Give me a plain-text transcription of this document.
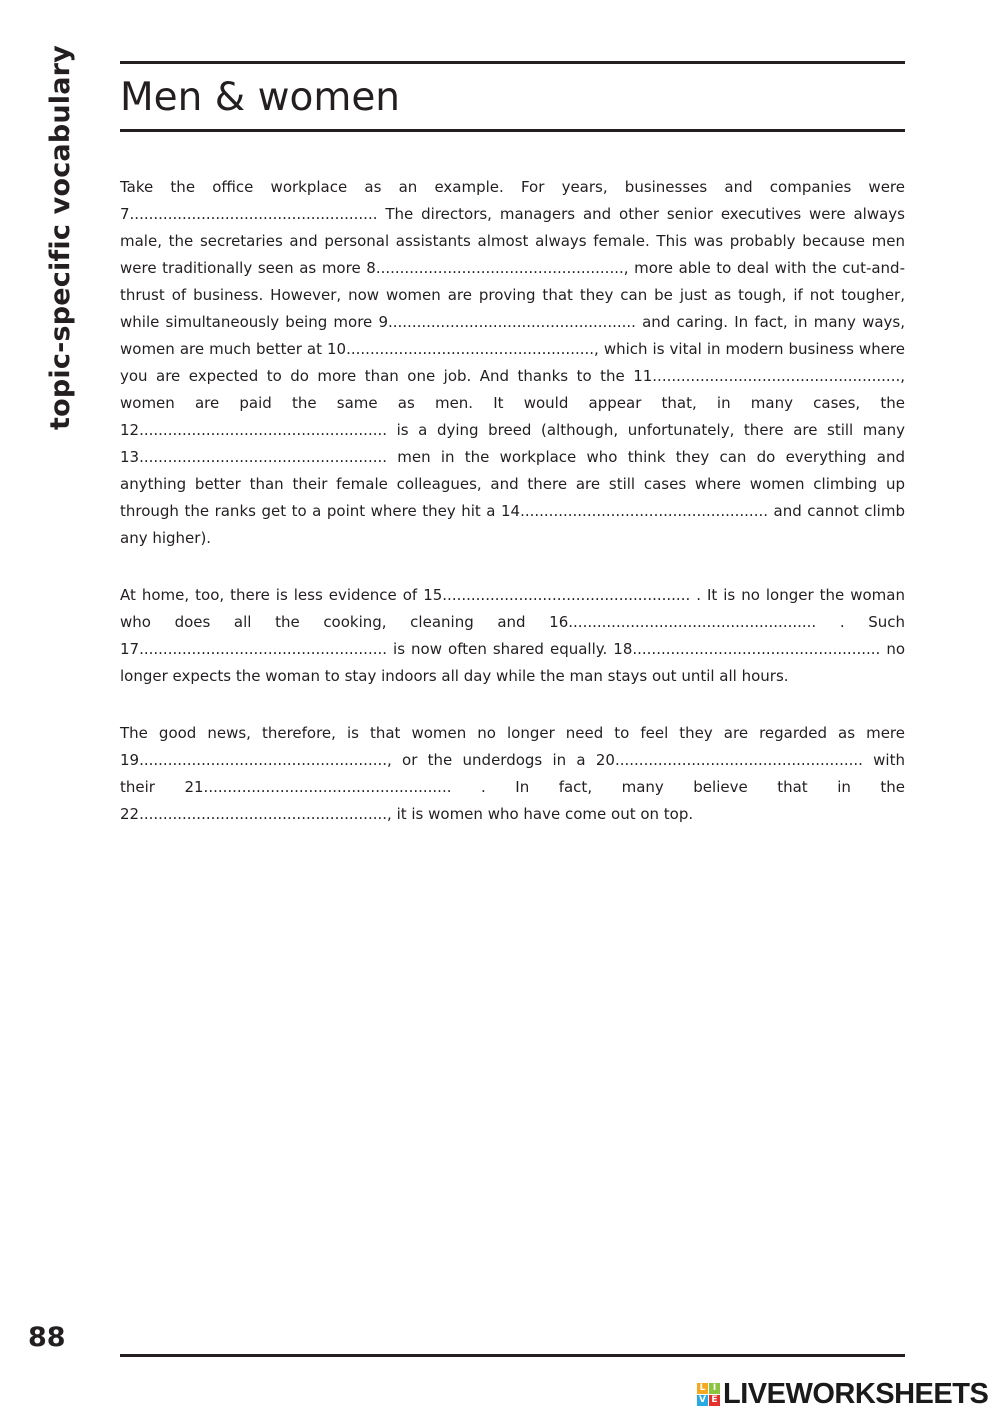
topic-specific vocabulary Men & women

Take the office workplace as an example. For years, businesses and companies were 7.................................................... The directors, managers and other senior executives were always male, the secretaries and personal assistants almost always female. This was probably because men were traditionally seen as more 8...................................................., more able to deal with the cut-and-thrust of business. However, now women are proving that they can be just as tough, if not tougher, while simultaneously being more 9.................................................... and caring. In fact, in many ways, women are much better at 10...................................................., which is vital in modern business where you are expected to do more than one job. And thanks to the 11...................................................., women are paid the same as men. It would appear that, in many cases, the 12.................................................... is a dying breed (although, unfortunately, there are still many 13.................................................... men in the workplace who think they can do everything and anything better than their female colleagues, and there are still cases where women climbing up through the ranks get to a point where they hit a 14.................................................... and cannot climb any higher).

At home, too, there is less evidence of 15.................................................... . It is no longer the woman who does all the cooking, cleaning and 16.................................................... . Such 17.................................................... is now often shared equally. 18.................................................... no longer expects the woman to stay indoors all day while the man stays out until all hours.

The good news, therefore, is that women no longer need to feel they are regarded as mere 19...................................................., or the underdogs in a 20.................................................... with their 21.................................................... . In fact, many believe that in the 22...................................................., it is women who have come out on top.

88
L I
V E LIVEWORKSHEETS
